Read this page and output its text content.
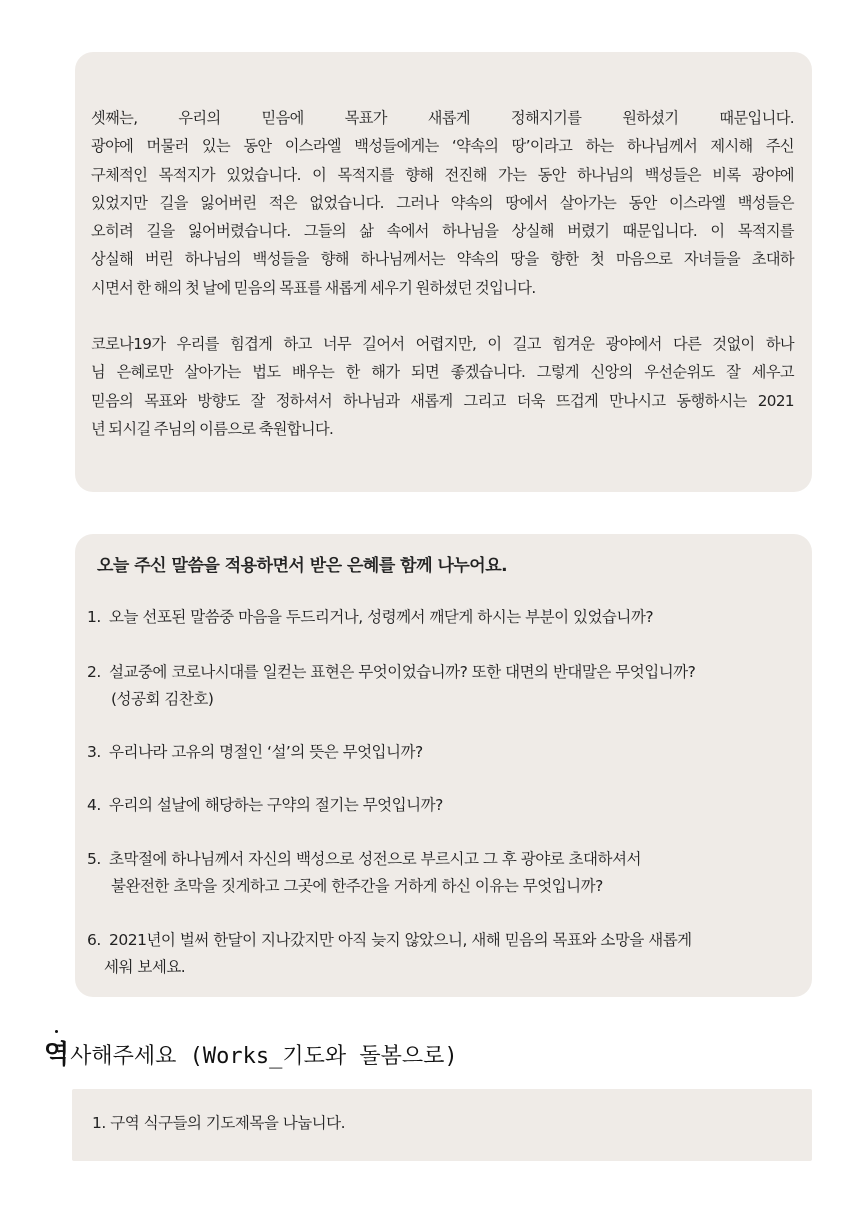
셋째는, 우리의 믿음에 목표가 새롭게 정해지기를 원하셨기 때문입니다.
광야에 머물러 있는 동안 이스라엘 백성들에게는 ‘약속의 땅’이라고 하는 하나님께서 제시해 주신
구체적인 목적지가 있었습니다. 이 목적지를 향해 전진해 가는 동안 하나님의 백성들은 비록 광야에
있었지만 길을 잃어버린 적은 없었습니다. 그러나 약속의 땅에서 살아가는 동안 이스라엘 백성들은
오히려 길을 잃어버렸습니다. 그들의 삶 속에서 하나님을 상실해 버렸기 때문입니다. 이 목적지를
상실해 버린 하나님의 백성들을 향해 하나님께서는 약속의 땅을 향한 첫 마음으로 자녀들을 초대하
시면서 한 해의 첫 날에 믿음의 목표를 새롭게 세우기 원하셨던 것입니다.

코로나19가 우리를 힘겹게 하고 너무 길어서 어렵지만, 이 길고 힘겨운 광야에서 다른 것없이 하나
님 은혜로만 살아가는 법도 배우는 한 해가 되면 좋겠습니다. 그렇게 신앙의 우선순위도 잘 세우고
믿음의 목표와 방향도 잘 정하셔서 하나님과 새롭게 그리고 더욱 뜨겁게 만나시고 동행하시는 2021
년 되시길 주님의 이름으로 축원합니다.

오늘 주신 말씀을 적용하면서 받은 은혜를 함께 나누어요.
1. 오늘 선포된 말씀중 마음을 두드리거나, 성령께서 깨닫게 하시는 부분이 있었습니까?
2. 설교중에 코로나시대를 일컫는 표현은 무엇이었습니까? 또한 대면의 반대말은 무엇입니까?
(성공회 김찬호)
3. 우리나라 고유의 명절인 ‘설’의 뜻은 무엇입니까?
4. 우리의 설날에 해당하는 구약의 절기는 무엇입니까?
5. 초막절에 하나님께서 자신의 백성으로 성전으로 부르시고 그 후 광야로 초대하셔서
불완전한 초막을 짓게하고 그곳에 한주간을 거하게 하신 이유는 무엇입니까?
6. 2021년이 벌써 한달이 지나갔지만 아직 늦지 않았으니, 새해 믿음의 목표와 소망을 새롭게
세워 보세요.
역 사해주세요 (Works_기도와 돌봄으로)
1. 구역 식구들의 기도제목을 나눕니다.
